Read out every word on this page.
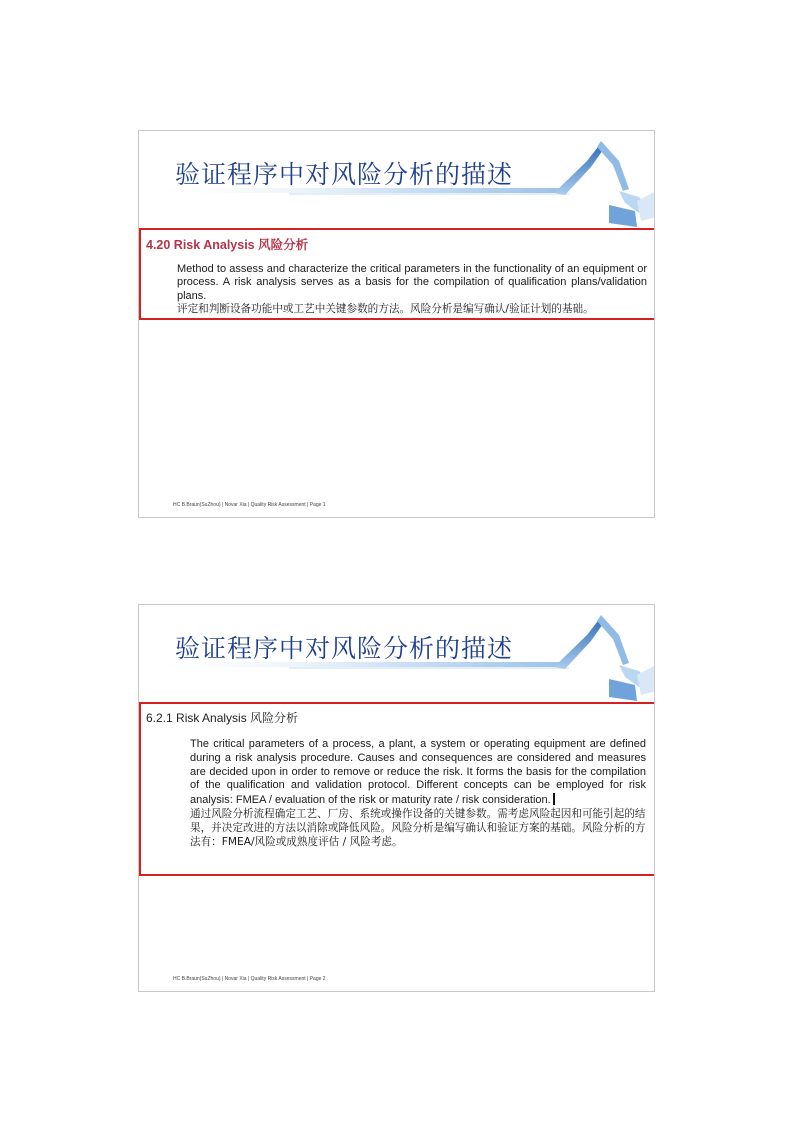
验证程序中对风险分析的描述
4.20 Risk Analysis 风险分析
Method to assess and characterize the critical parameters in the functionality of an equipment or process. A risk analysis serves as a basis for the compilation of qualification plans/validation plans.
评定和判断设备功能中或工艺中关键参数的方法。风险分析是编写确认/验证计划的基础。
HC B.Braun(SuZhou) | Novar Xia | Quality Risk Assessment | Page 1
验证程序中对风险分析的描述
6.2.1 Risk Analysis 风险分析
The critical parameters of a process, a plant, a system or operating equipment are defined during a risk analysis procedure. Causes and consequences are considered and measures are decided upon in order to remove or reduce the risk. It forms the basis for the compilation of the qualification and validation protocol. Different concepts can be employed for risk analysis: FMEA / evaluation of the risk or maturity rate / risk consideration.
通过风险分析流程确定工艺、厂房、系统或操作设备的关键参数。需考虑风险起因和可能引起的结果，并决定改进的方法以消除或降低风险。风险分析是编写确认和验证方案的基础。风险分析的方法有：FMEA/风险或成熟度评估 / 风险考虑。
HC B.Braun(SuZhou) | Novar Xia | Quality Risk Assessment | Page 2
